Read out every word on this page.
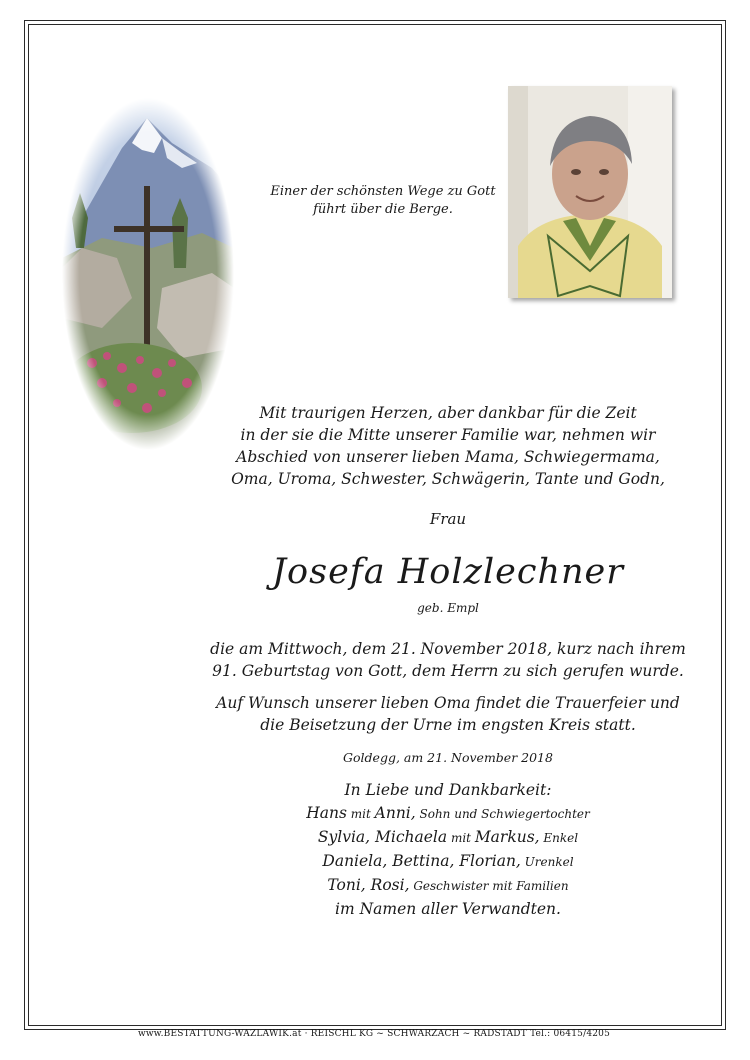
Einer der schönsten Wege zu Gott
führt über die Berge.
Mit traurigen Herzen, aber dankbar für die Zeit
in der sie die Mitte unserer Familie war, nehmen wir
Abschied von unserer lieben Mama, Schwiegermama,
Oma, Uroma, Schwester, Schwägerin, Tante und Godn,
Frau
Josefa Holzlechner
geb. Empl
die am Mittwoch, dem 21. November 2018, kurz nach ihrem
91. Geburtstag von Gott, dem Herrn zu sich gerufen wurde.
Auf Wunsch unserer lieben Oma findet die Trauerfeier und
die Beisetzung der Urne im engsten Kreis statt.
Goldegg, am 21. November 2018
In Liebe und Dankbarkeit:
Hans mit Anni, Sohn und Schwiegertochter
Sylvia, Michaela mit Markus, Enkel
Daniela, Bettina, Florian, Urenkel
Toni, Rosi, Geschwister mit Familien
im Namen aller Verwandten.
www.BESTATTUNG-WAZLAWIK.at · REISCHL KG ~ SCHWARZACH ~ RADSTADT Tel.: 06415/4205
